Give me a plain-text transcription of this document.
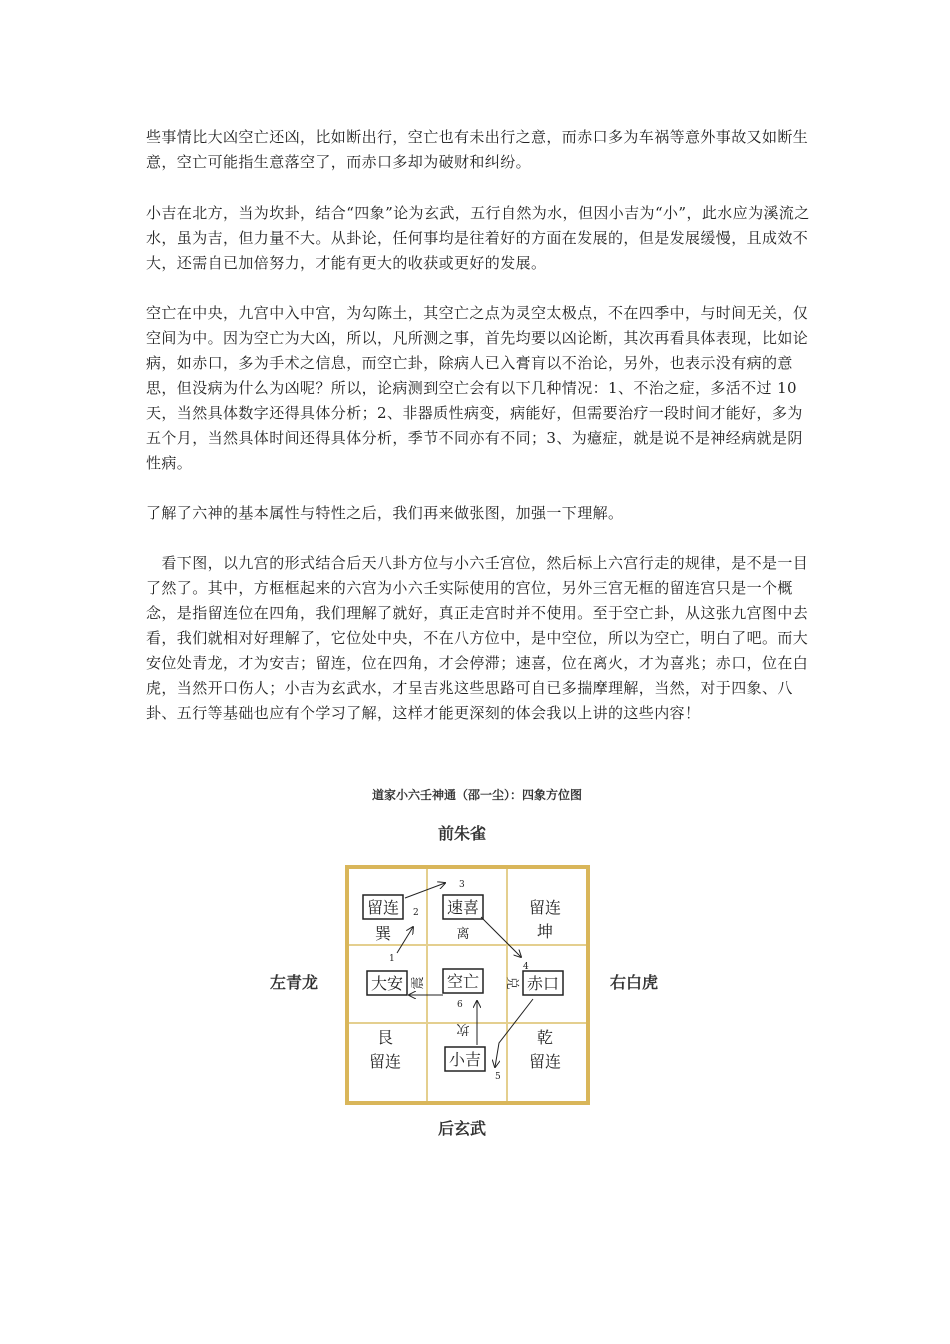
些事情比大凶空亡还凶，比如断出行，空亡也有未出行之意，而赤口多为车祸等意外事故又如断生意，空亡可能指生意落空了，而赤口多却为破财和纠纷。

小吉在北方，当为坎卦，结合“四象”论为玄武，五行自然为水，但因小吉为“小”，此水应为溪流之水，虽为吉，但力量不大。从卦论，任何事均是往着好的方面在发展的，但是发展缓慢，且成效不大，还需自已加倍努力，才能有更大的收获或更好的发展。

空亡在中央，九宫中入中宫，为勾陈土，其空亡之点为灵空太极点，不在四季中，与时间无关，仅空间为中。因为空亡为大凶，所以，凡所测之事，首先均要以凶论断，其次再看具体表现，比如论病，如赤口，多为手术之信息，而空亡卦，除病人已入膏肓以不治论，另外，也表示没有病的意思，但没病为什么为凶呢？所以，论病测到空亡会有以下几种情况：1、不治之症，多活不过 10 天，当然具体数字还得具体分析；2、非器质性病变，病能好，但需要治疗一段时间才能好，多为五个月，当然具体时间还得具体分析，季节不同亦有不同；3、为癔症，就是说不是神经病就是阴性病。

了解了六神的基本属性与特性之后，我们再来做张图，加强一下理解。

　看下图，以九宫的形式结合后天八卦方位与小六壬宫位，然后标上六宫行走的规律，是不是一目了然了。其中，方框框起来的六宫为小六壬实际使用的宫位，另外三宫无框的留连宫只是一个概念，是指留连位在四角，我们理解了就好，真正走宫时并不使用。至于空亡卦，从这张九宫图中去看，我们就相对好理解了，它位处中央，不在八方位中，是中空位，所以为空亡，明白了吧。而大安位处青龙，才为安吉；留连，位在四角，才会停滞；速喜，位在离火，才为喜兆；赤口，位在白虎，当然开口伤人；小吉为玄武水，才呈吉兆这些思路可自已多揣摩理解，当然，对于四象、八卦、五行等基础也应有个学习了解，这样才能更深刻的体会我以上讲的这些内容！

道家小六壬神通（邵一尘）：四象方位图
前朱雀
后玄武
左青龙	右白虎
留连
巽
速喜
离
留连
坤
大安 震 空亡	赤口
兑
艮
留连
坎
小吉
乾
留连
1
2
3
4
5
6
